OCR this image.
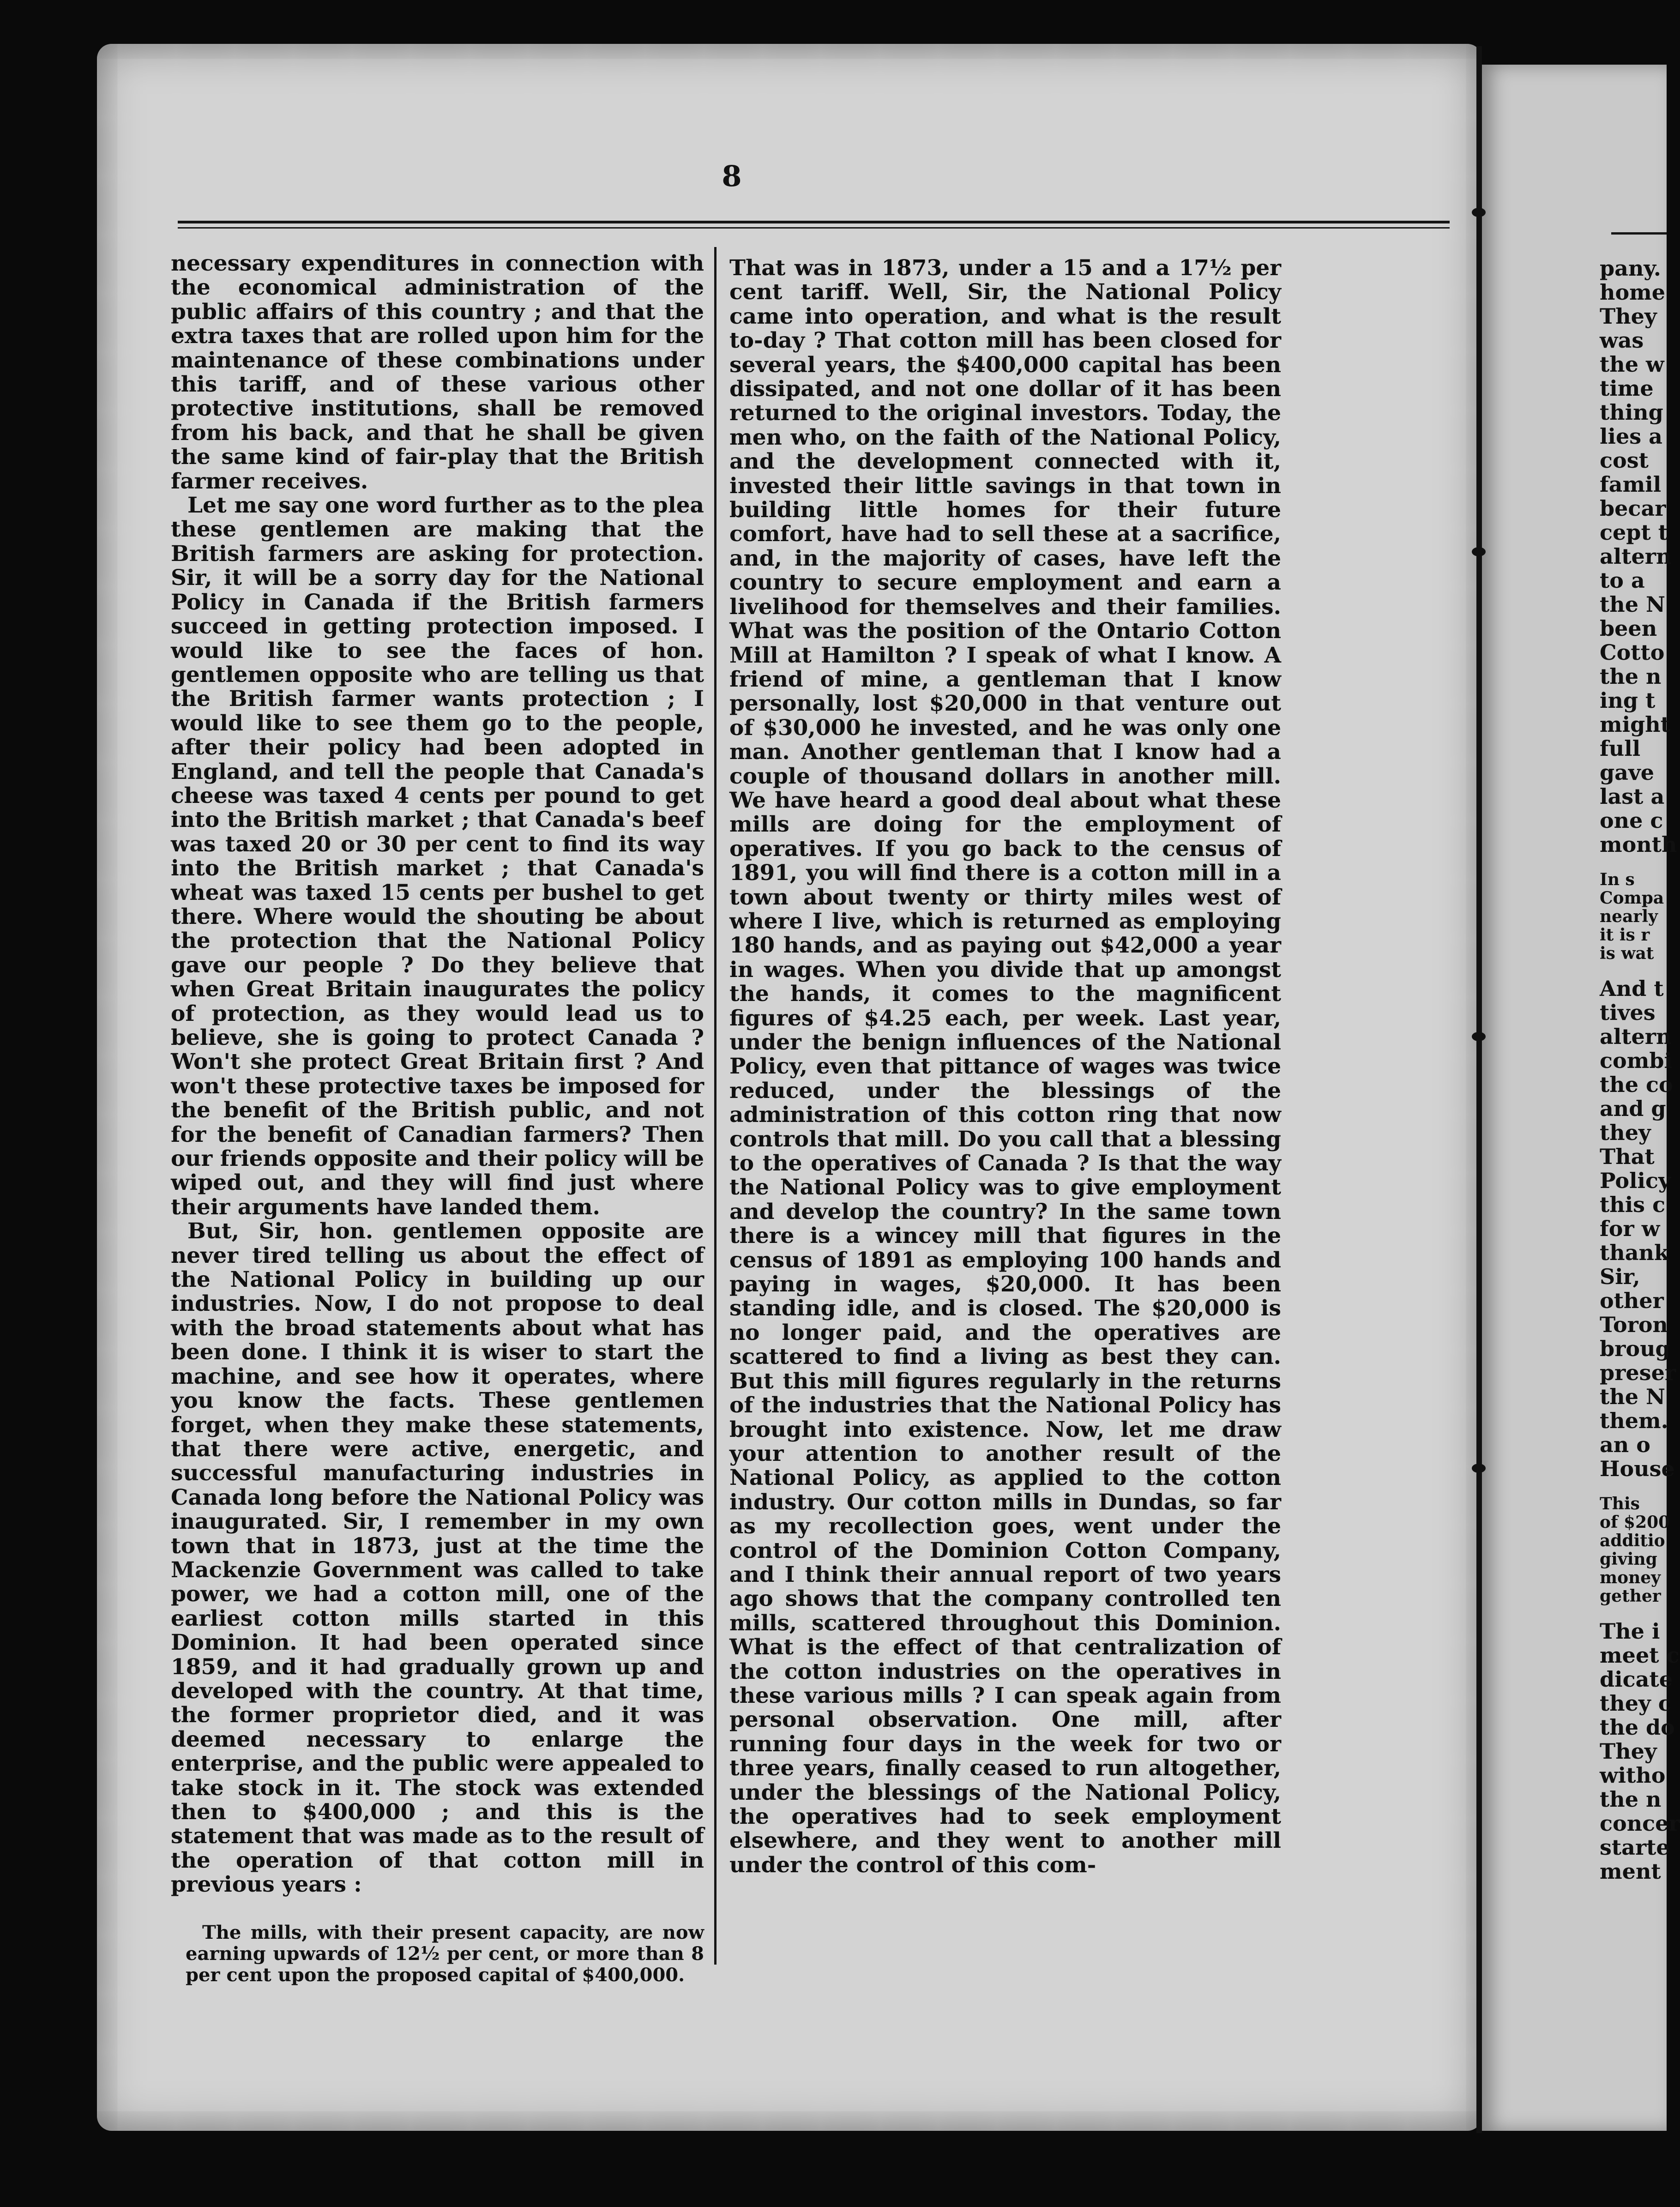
8

necessary expenditures in connection with the economical administration of the public affairs of this country ; and that the extra taxes that are rolled upon him for the maintenance of these combinations under this tariff, and of these various other protective institutions, shall be removed from his back, and that he shall be given the same kind of fair-play that the British farmer receives.

Let me say one word further as to the plea these gentlemen are making that the British farmers are asking for protection. Sir, it will be a sorry day for the National Policy in Canada if the British farmers succeed in getting protection imposed. I would like to see the faces of hon. gentlemen opposite who are telling us that the British farmer wants protection ; I would like to see them go to the people, after their policy had been adopted in England, and tell the people that Canada's cheese was taxed 4 cents per pound to get into the British market ; that Canada's beef was taxed 20 or 30 per cent to find its way into the British market ; that Canada's wheat was taxed 15 cents per bushel to get there. Where would the shouting be about the protection that the National Policy gave our people ? Do they believe that when Great Britain inaugurates the policy of protection, as they would lead us to believe, she is going to protect Canada ? Won't she protect Great Britain first ? And won't these protective taxes be imposed for the benefit of the British public, and not for the benefit of Canadian farmers? Then our friends opposite and their policy will be wiped out, and they will find just where their arguments have landed them.

But, Sir, hon. gentlemen opposite are never tired telling us about the effect of the National Policy in building up our industries. Now, I do not propose to deal with the broad statements about what has been done. I think it is wiser to start the machine, and see how it operates, where you know the facts. These gentlemen forget, when they make these statements, that there were active, energetic, and successful manufacturing industries in Canada long before the National Policy was inaugurated. Sir, I remember in my own town that in 1873, just at the time the Mackenzie Government was called to take power, we had a cotton mill, one of the earliest cotton mills started in this Dominion. It had been operated since 1859, and it had gradually grown up and developed with the country. At that time, the former proprietor died, and it was deemed necessary to enlarge the enterprise, and the public were appealed to take stock in it. The stock was extended then to $400,000 ; and this is the statement that was made as to the result of the operation of that cotton mill in previous years :

The mills, with their present capacity, are now earning upwards of 12½ per cent, or more than 8 per cent upon the proposed capital of $400,000.

That was in 1873, under a 15 and a 17½ per cent tariff. Well, Sir, the National Policy came into operation, and what is the result to-day ? That cotton mill has been closed for several years, the $400,000 capital has been dissipated, and not one dollar of it has been returned to the original investors. Today, the men who, on the faith of the National Policy, and the development connected with it, invested their little savings in that town in building little homes for their future comfort, have had to sell these at a sacrifice, and, in the majority of cases, have left the country to secure employment and earn a livelihood for themselves and their families. What was the position of the Ontario Cotton Mill at Hamilton ? I speak of what I know. A friend of mine, a gentleman that I know personally, lost $20,000 in that venture out of $30,000 he invested, and he was only one man. Another gentleman that I know had a couple of thousand dollars in another mill. We have heard a good deal about what these mills are doing for the employment of operatives. If you go back to the census of 1891, you will find there is a cotton mill in a town about twenty or thirty miles west of where I live, which is returned as employing 180 hands, and as paying out $42,000 a year in wages. When you divide that up amongst the hands, it comes to the magnificent figures of $4.25 each, per week. Last year, under the benign influences of the National Policy, even that pittance of wages was twice reduced, under the blessings of the administration of this cotton ring that now controls that mill. Do you call that a blessing to the operatives of Canada ? Is that the way the National Policy was to give employment and develop the country? In the same town there is a wincey mill that figures in the census of 1891 as employing 100 hands and paying in wages, $20,000. It has been standing idle, and is closed. The $20,000 is no longer paid, and the operatives are scattered to find a living as best they can. But this mill figures regularly in the returns of the industries that the National Policy has brought into existence. Now, let me draw your attention to another result of the National Policy, as applied to the cotton industry. Our cotton mills in Dundas, so far as my recollection goes, went under the control of the Dominion Cotton Company, and I think their annual report of two years ago shows that the company controlled ten mills, scattered throughout this Dominion. What is the effect of that centralization of the cotton industries on the operatives in these various mills ? I can speak again from personal observation. One mill, after running four days in the week for two or three years, finally ceased to run altogether, under the blessings of the National Policy, the operatives had to seek employment elsewhere, and they went to another mill under the control of this com-

pany.
home
They
was
the w
time
thing
lies a
cost
famil
becar
cept t
altern
to a
the N
been
Cotto
the n
ing t
might
full
gave
last a
one c
month
In s
Compa
nearly
it is r
is wat
And t
tives
altern
combi
the co
and g
they
That
Policy
this c
for w
thank
Sir,
other
Toron
broug
preser
the N
them.
an o
House
This
of $200
additio
giving
money
gether
The i
meet c
dicate
they c
the do
They
witho
the n
concer
starte
ment
